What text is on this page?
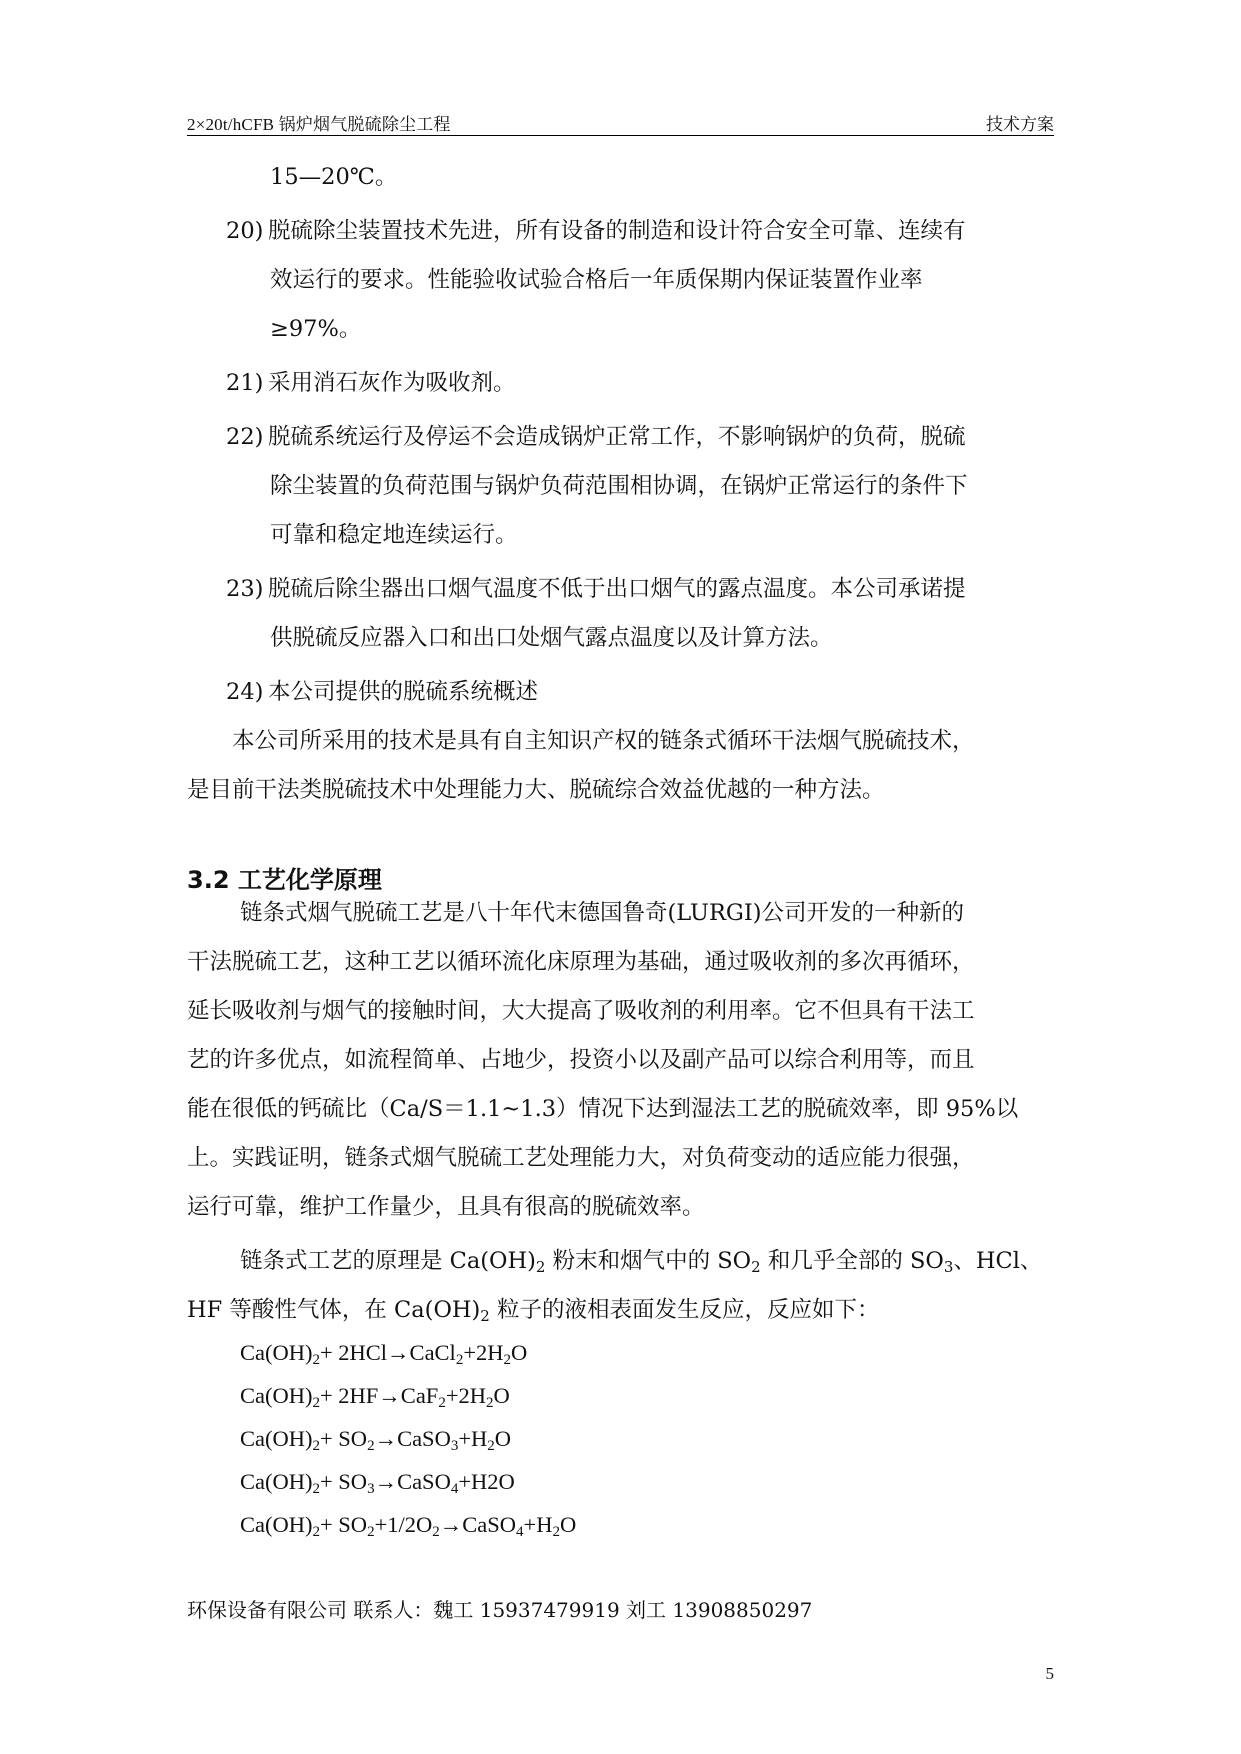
2×20t/hCFB 锅炉烟气脱硫除尘工程	技术方案
15—20℃。
20) 脱硫除尘装置技术先进，所有设备的制造和设计符合安全可靠、连续有
效运行的要求。性能验收试验合格后一年质保期内保证装置作业率
≥97%。
21) 采用消石灰作为吸收剂。
22) 脱硫系统运行及停运不会造成锅炉正常工作，不影响锅炉的负荷，脱硫
除尘装置的负荷范围与锅炉负荷范围相协调，在锅炉正常运行的条件下
可靠和稳定地连续运行。
23) 脱硫后除尘器出口烟气温度不低于出口烟气的露点温度。本公司承诺提
供脱硫反应器入口和出口处烟气露点温度以及计算方法。
24) 本公司提供的脱硫系统概述
本公司所采用的技术是具有自主知识产权的链条式循环干法烟气脱硫技术，
是目前干法类脱硫技术中处理能力大、脱硫综合效益优越的一种方法。
3.2 工艺化学原理
链条式烟气脱硫工艺是八十年代末德国鲁奇(LURGI)公司开发的一种新的
干法脱硫工艺，这种工艺以循环流化床原理为基础，通过吸收剂的多次再循环，
延长吸收剂与烟气的接触时间，大大提高了吸收剂的利用率。它不但具有干法工
艺的许多优点，如流程简单、占地少，投资小以及副产品可以综合利用等，而且
能在很低的钙硫比（Ca/S＝1.1~1.3）情况下达到湿法工艺的脱硫效率，即 95%以
上。实践证明，链条式烟气脱硫工艺处理能力大，对负荷变动的适应能力很强，
运行可靠，维护工作量少，且具有很高的脱硫效率。
链条式工艺的原理是 $Ca(OH)_2$ 粉末和烟气中的 $SO_2$ 和几乎全部的 $SO_3$、HCl、
HF 等酸性气体，在 $Ca(OH)_2$ 粒子的液相表面发生反应，反应如下：
$Ca(OH)_2+$ $2HCl\to CaCl_2+2H_2O$
$Ca(OH)_2+ 2HF\to CaF_2+2H_2O$
$Ca(OH)_2+$ $SO_2\to CaSO_3+H_2O$
$Ca(OH)_2+$ $SO_3\to CaSO_4+H2O$
$Ca(OH)_2+$ $SO_2+1/2O_2\to CaSO_4+H_2O$
环保设备有限公司 联系人：魏工 15937479919 刘工 13908850297
5
